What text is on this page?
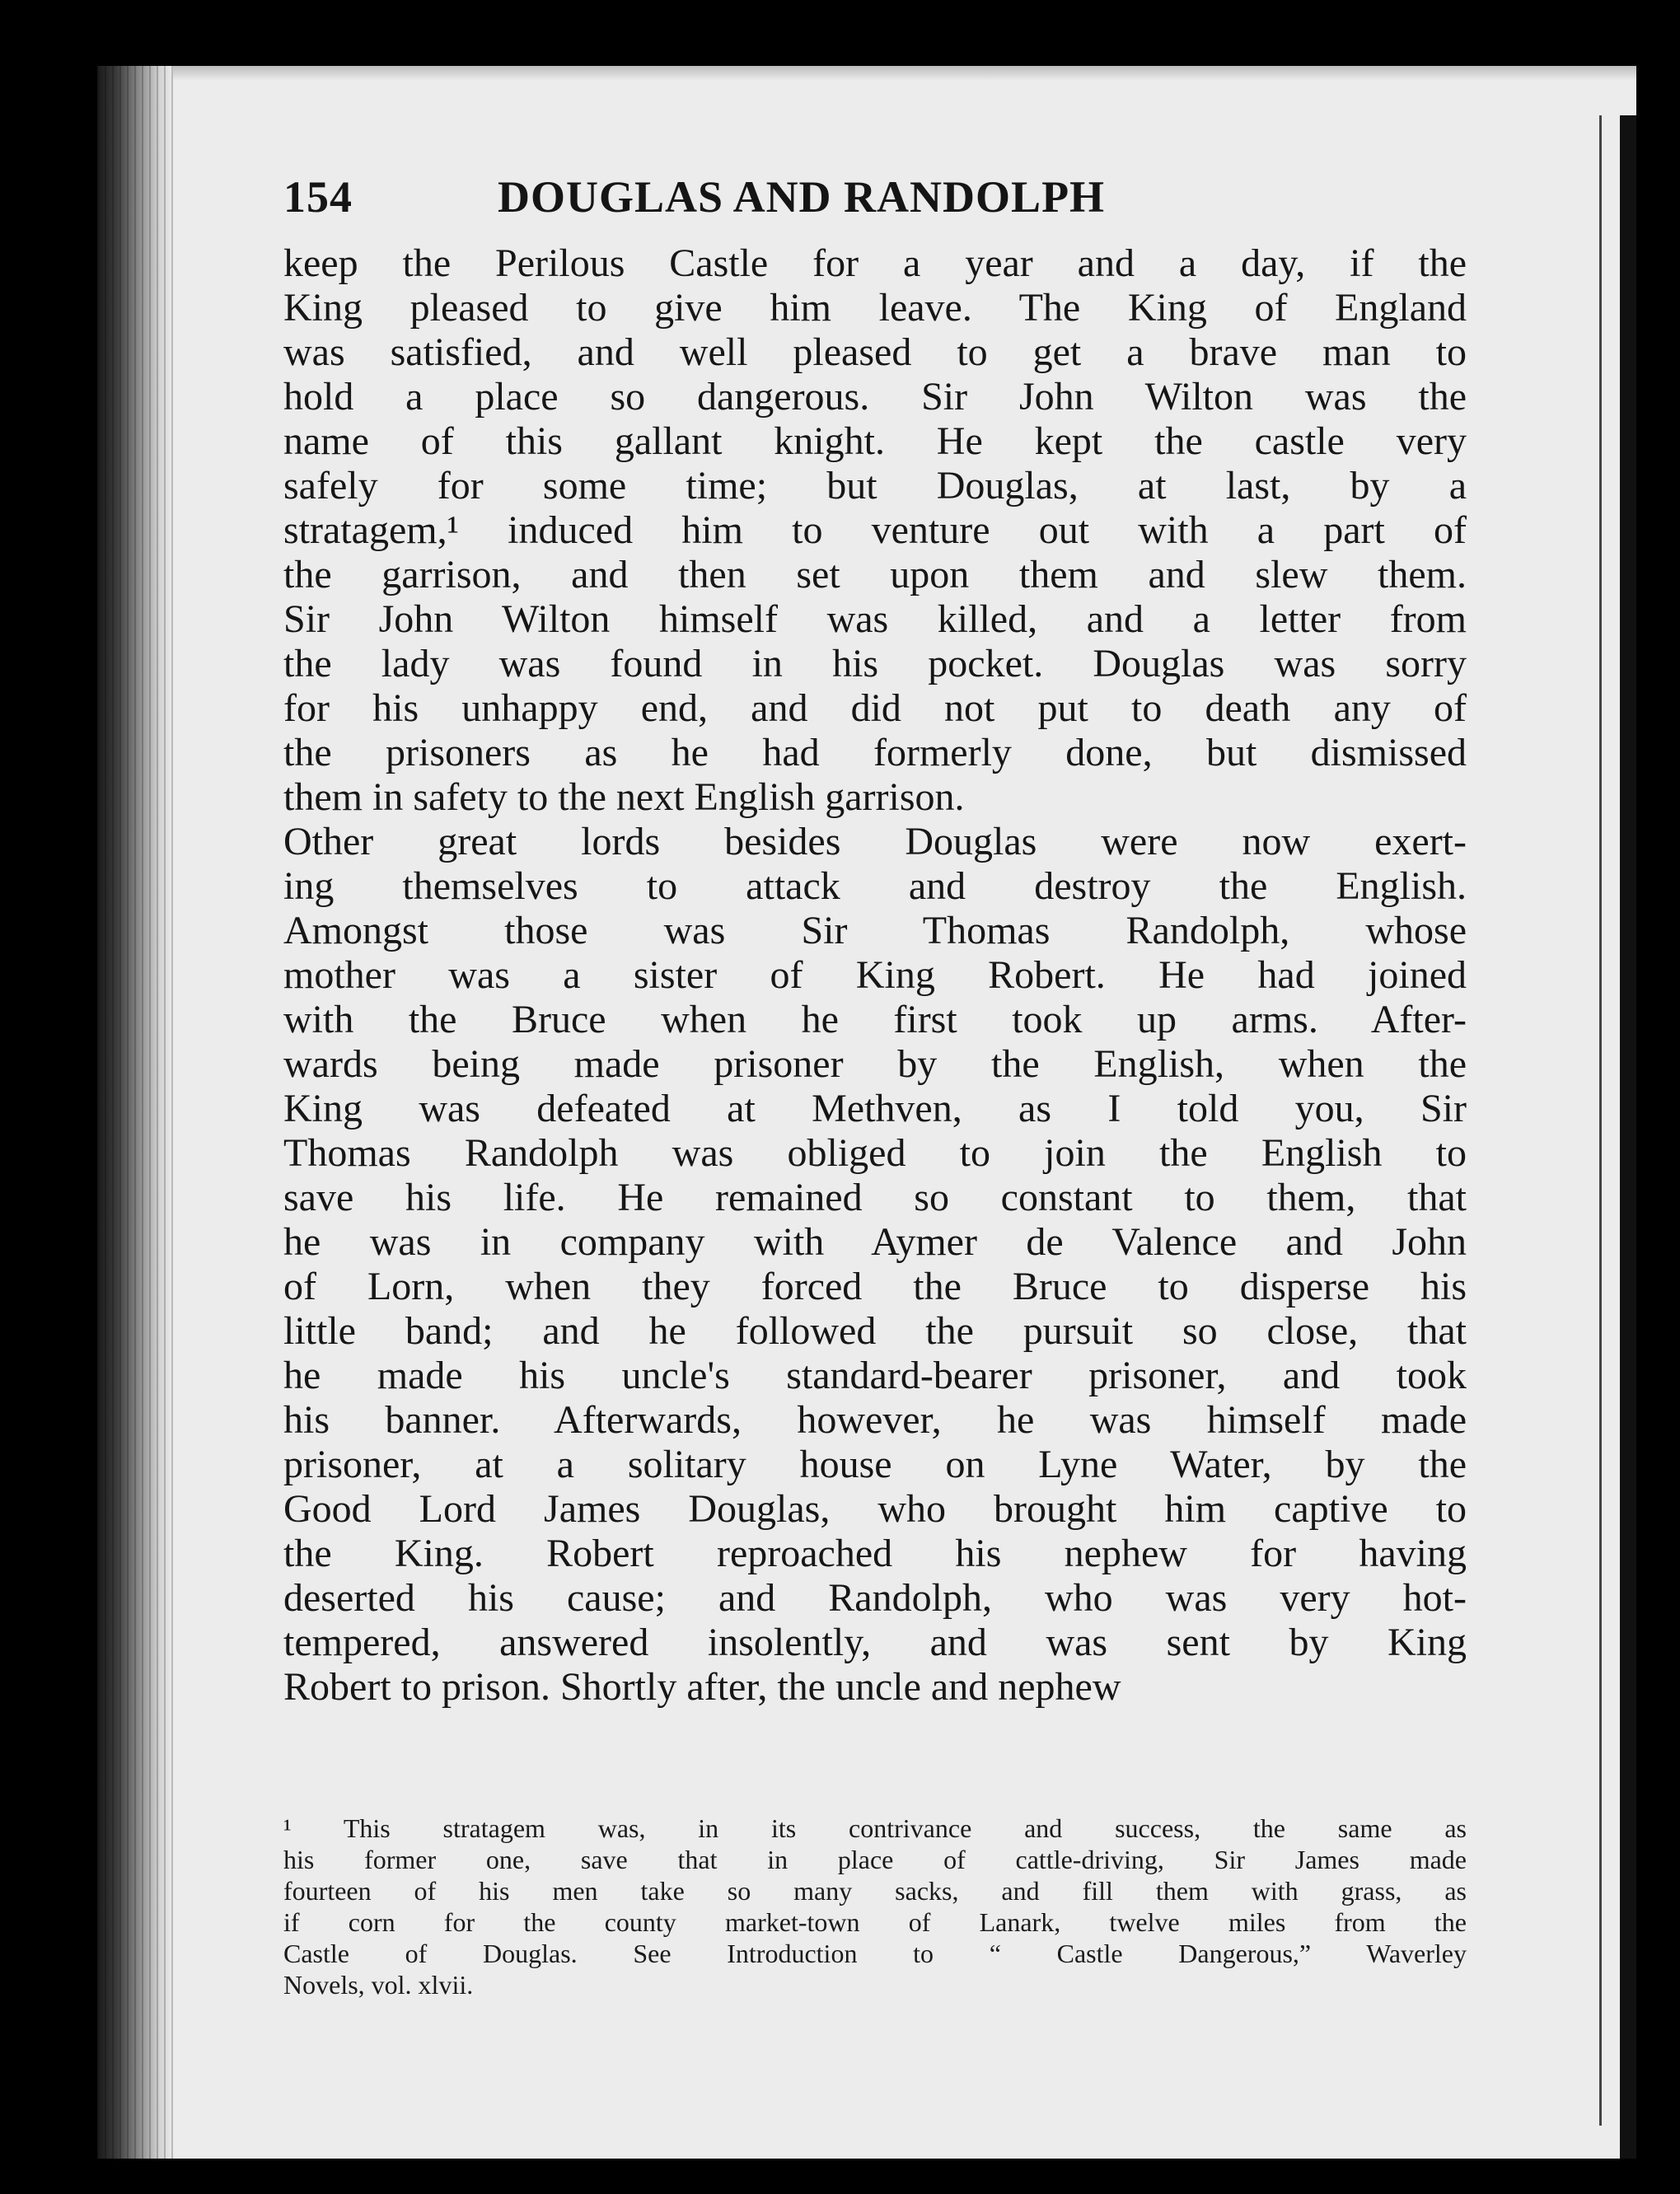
154	DOUGLAS AND RANDOLPH
keep the Perilous Castle for a year and a day, if the
King pleased to give him leave. The King of England
was satisfied, and well pleased to get a brave man to
hold a place so dangerous. Sir John Wilton was the
name of this gallant knight. He kept the castle very
safely for some time; but Douglas, at last, by a
stratagem,¹ induced him to venture out with a part of
the garrison, and then set upon them and slew them.
Sir John Wilton himself was killed, and a letter from
the lady was found in his pocket. Douglas was sorry
for his unhappy end, and did not put to death any of
the prisoners as he had formerly done, but dismissed
them in safety to the next English garrison.
Other great lords besides Douglas were now exert-
ing themselves to attack and destroy the English.
Amongst those was Sir Thomas Randolph, whose
mother was a sister of King Robert. He had joined
with the Bruce when he first took up arms. After-
wards being made prisoner by the English, when the
King was defeated at Methven, as I told you, Sir
Thomas Randolph was obliged to join the English to
save his life. He remained so constant to them, that
he was in company with Aymer de Valence and John
of Lorn, when they forced the Bruce to disperse his
little band; and he followed the pursuit so close, that
he made his uncle's standard-bearer prisoner, and took
his banner. Afterwards, however, he was himself made
prisoner, at a solitary house on Lyne Water, by the
Good Lord James Douglas, who brought him captive to
the King. Robert reproached his nephew for having
deserted his cause; and Randolph, who was very hot-
tempered, answered insolently, and was sent by King
Robert to prison. Shortly after, the uncle and nephew
¹ This stratagem was, in its contrivance and success, the same as
his former one, save that in place of cattle-driving, Sir James made
fourteen of his men take so many sacks, and fill them with grass, as
if corn for the county market-town of Lanark, twelve miles from the
Castle of Douglas. See Introduction to “ Castle Dangerous,” Waverley
Novels, vol. xlvii.
